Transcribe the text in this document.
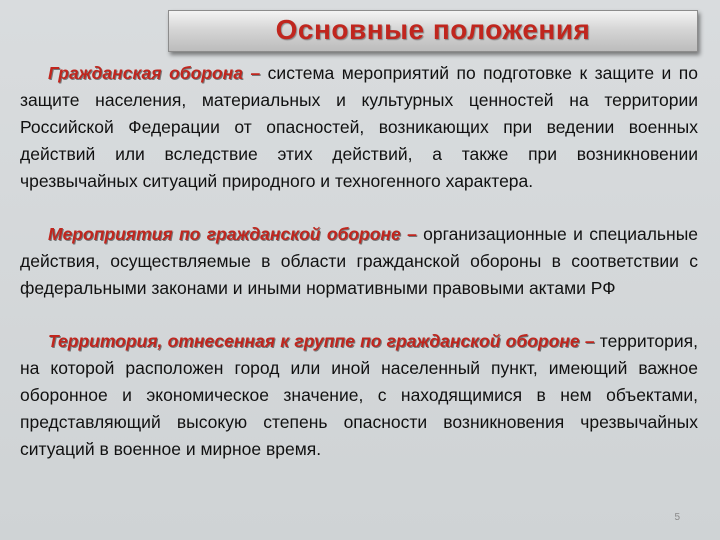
Основные положения

Гражданская оборона – система мероприятий по подготовке к защите и по защите населения, материальных и культурных ценностей на территории Российской Федерации от опасностей, возникающих при ведении военных действий или вследствие этих действий, а также при возникновении чрезвычайных ситуаций природного и техногенного характера.

Мероприятия по гражданской обороне – организационные и специальные действия, осуществляемые в области гражданской обороны в соответствии с федеральными законами и иными нормативными правовыми актами РФ

Территория, отнесенная к группе по гражданской обороне – территория, на которой расположен город или иной населенный пункт, имеющий важное оборонное и экономическое значение, с находящимися в нем объектами, представляющий высокую степень опасности возникновения чрезвычайных ситуаций в военное и мирное время.

5
